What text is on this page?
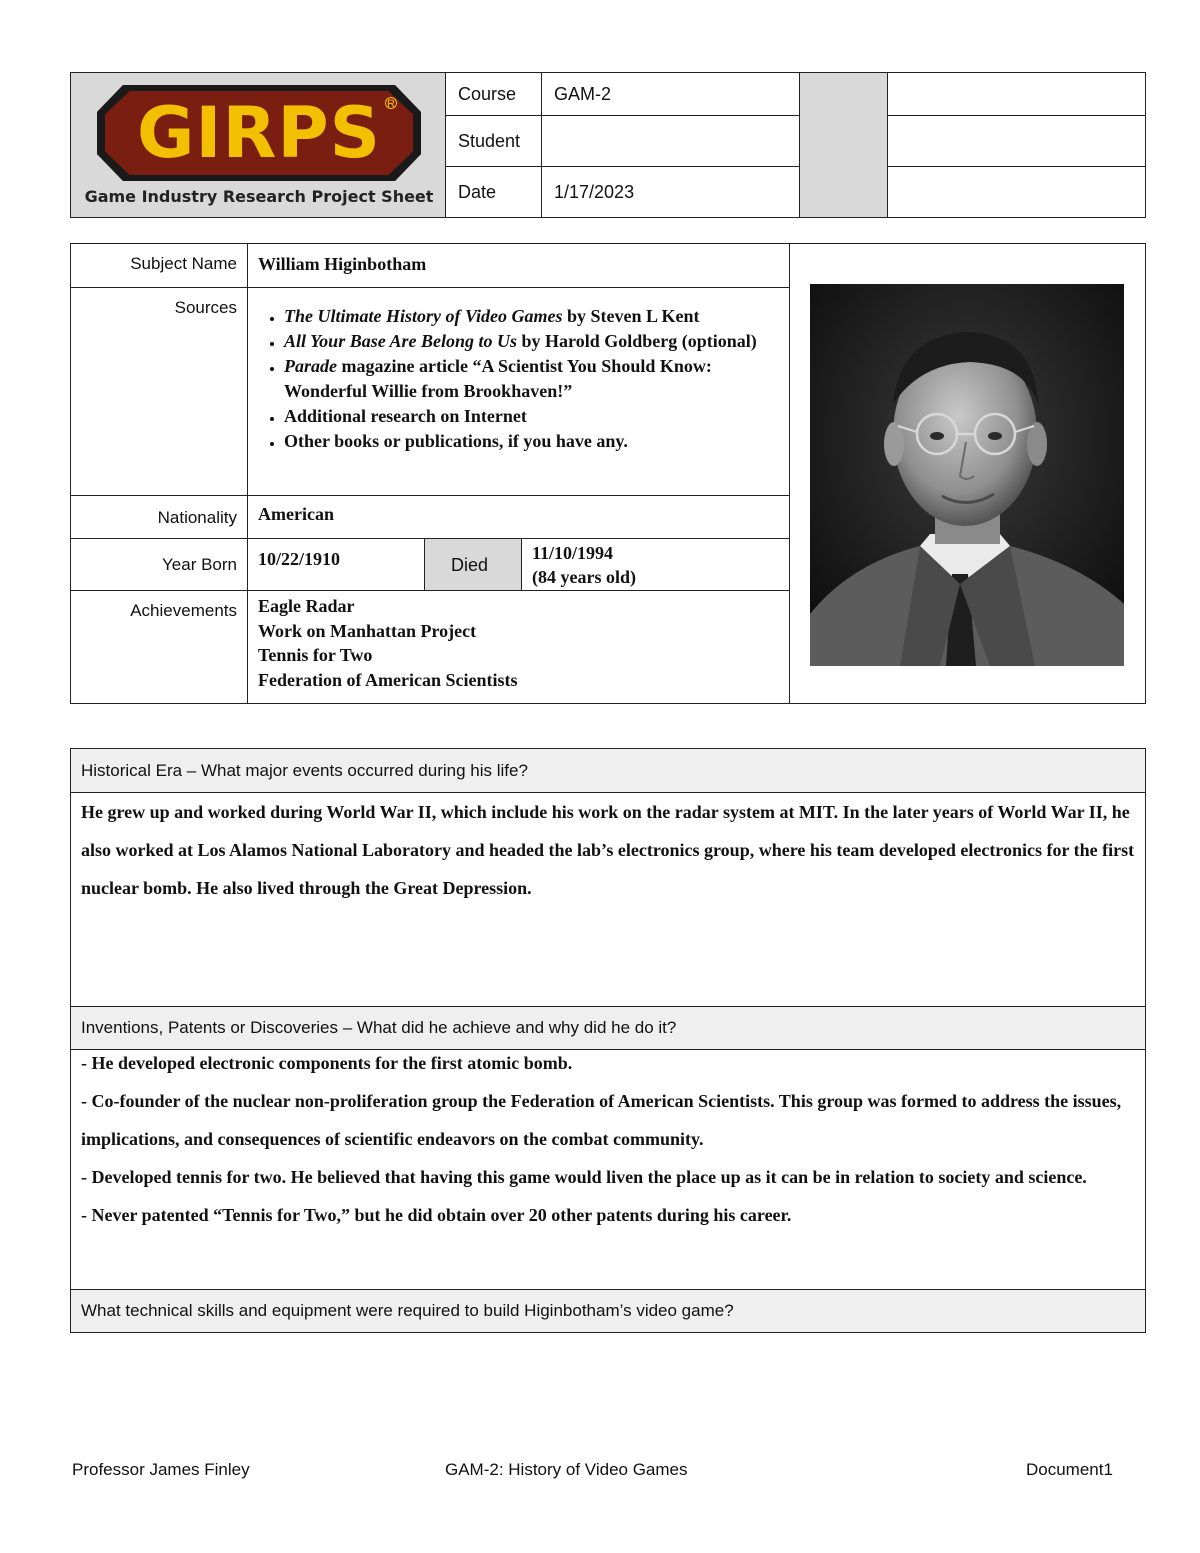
GIRPS R
Game Industry Research Project Sheet
Course	GAM-2
Student
Date	1/17/2023
Subject Name	William Higinbotham
Sources
•	The Ultimate History of Video Games by Steven L Kent
• All Your Base Are Belong to Us by Harold Goldberg (optional)
• Parade magazine article “A Scientist You Should Know: Wonderful Willie from Brookhaven!”
• Additional research on Internet
• Other books or publications, if you have any.
Nationality	American
Year Born	10/22/1910	Died
11/10/1994
(84 years old)
Achievements	Eagle Radar
Work on Manhattan Project
Tennis for Two
Federation of American Scientists
Historical Era – What major events occurred during his life?
He grew up and worked during World War II, which include his work on the radar system at MIT. In the later years of World War II, he also worked at Los Alamos National Laboratory and headed the lab’s electronics group, where his team developed electronics for the first nuclear bomb. He also lived through the Great Depression.
Inventions, Patents or Discoveries – What did he achieve and why did he do it?
- He developed electronic components for the first atomic bomb.
- Co-founder of the nuclear non-proliferation group the Federation of American Scientists. This group was formed to address the issues, implications, and consequences of scientific endeavors on the combat community.
- Developed tennis for two. He believed that having this game would liven the place up as it can be in relation to society and science.
- Never patented “Tennis for Two,” but he did obtain over 20 other patents during his career.
What technical skills and equipment were required to build Higinbotham’s video game?
Professor James Finley	GAM-2: History of Video Games	Document1
